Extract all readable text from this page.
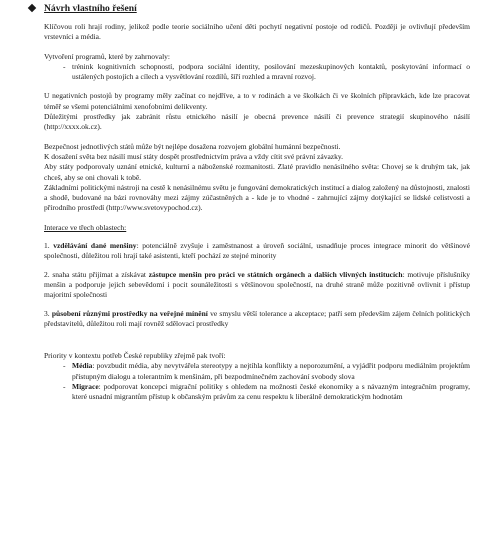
Návrh vlastního řešení

Klíčovou roli hrají rodiny, jelikož podle teorie sociálního učení děti pochytí negativní postoje od rodičů. Později je ovlivňují především vrstevníci a média.

Vytvoření programů, které by zahrnovaly:

- trénink kognitivních schopností, podpora sociální identity, posilování mezeskupinových kontaktů, poskytování informací o ustálených postojích a cílech a vysvětlování rozdílů, šíří rozhled a mravní rozvoj.

U negativních postojů by programy měly začínat co nejdříve, a to v rodinách a ve školkách či ve školních přípravkách, kde lze pracovat téměř se všemi potenciálními xenofobními delikventy.

Důležitými prostředky jak zabránit růstu etnického násilí je obecná prevence násilí či prevence strategií skupinového násilí (http://xxxx.ok.cz).

Bezpečnost jednotlivých států může být nejlépe dosažena rozvojem globální humánní bezpečnosti.

K dosažení světa bez násilí musí státy dospět prostřednictvím práva a vždy cítit své právní závazky.

Aby státy podporovaly uznání etnické, kulturní a náboženské rozmanitosti. Zlaté pravidlo nenásilného světa: Chovej se k druhým tak, jak chceš, aby se oni chovali k tobě.

Základními politickými nástroji na cestě k nenásilnému světu je fungování demokratických institucí a dialog založený na důstojnosti, znalosti a shodě, budované na bázi rovnováhy mezi zájmy zúčastněných a - kde je to vhodné - zahrnující zájmy dotýkající se lidské celistvosti a přírodního prostředí (http://www.svetovypochod.cz).

Interace ve třech oblastech:

1. vzdělávání dané menšiny: potenciálně zvyšuje i zaměstnanost a úroveň sociální, usnadňuje proces integrace minorit do většinové společnosti, důležitou roli hrají také asistenti, kteří pochází ze stejné minority

2. snaha státu přijímat a získávat zástupce menšin pro práci ve státních orgánech a dalších vlivných institucích: motivuje příslušníky menšin a podporuje jejich sebevědomí i pocit sounáležitosti s většinovou společností, na druhé straně může pozitivně ovlivnit i přístup majoritní společnosti

3. působení různými prostředky na veřejné mínění ve smyslu větší tolerance a akceptace; patří sem především zájem čelních politických představitelů, důležitou roli mají rovněž sdělovací prostředky

Priority v kontextu potřeb České republiky zřejmě pak tvoří:

- Média: povzbudit média, aby nevytvářela stereotypy a nejtíhla konflikty a neporozumění, a vyjádřit podporu mediálním projektům přístupným dialogu a tolerantním k menšinám, při bezpodmínečném zachování svobody slova
- Migrace: podporovat koncepci migrační politiky s ohledem na možnosti české ekonomiky a s návazným integračním programy, které usnadní migrantům přístup k občanským právům za cenu respektu k liberálně demokratickým hodnotám
